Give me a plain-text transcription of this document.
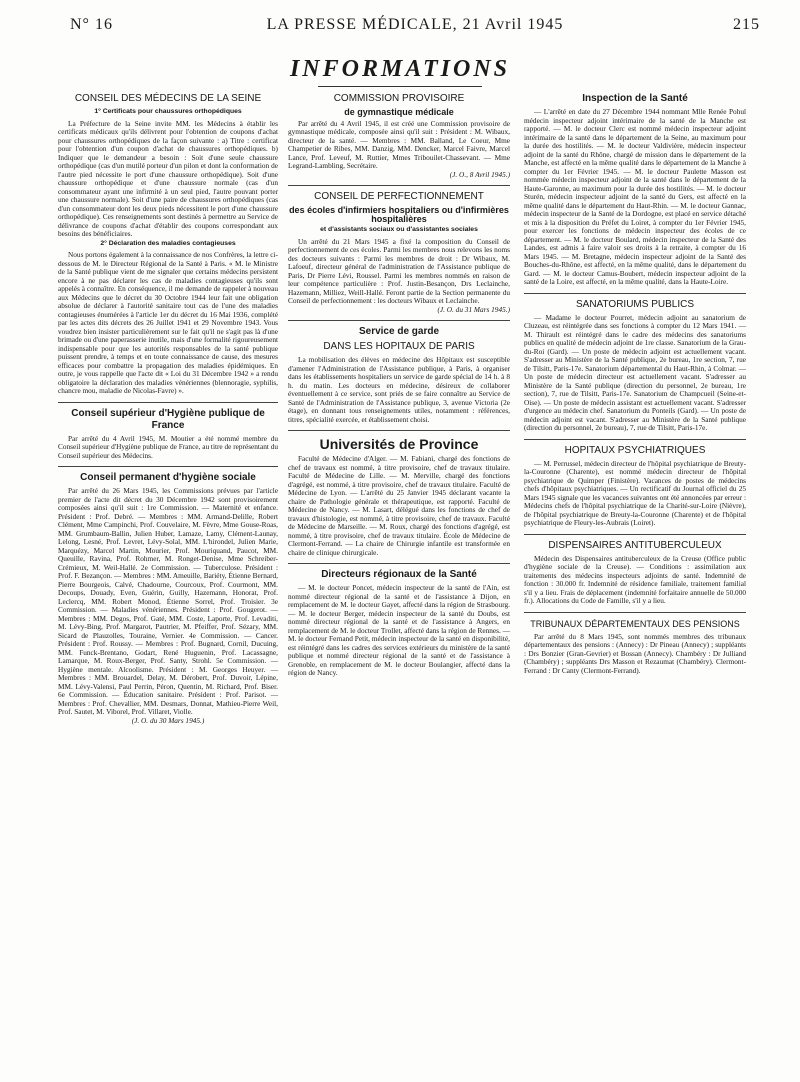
N° 16	LA PRESSE MÉDICALE, 21 Avril 1945	215
INFORMATIONS
CONSEIL DES MÉDECINS DE LA SEINE
1° Certificats pour chaussures orthopédiques

La Préfecture de la Seine invite MM. les Médecins à établir les certificats médicaux qu'ils délivrent pour l'obtention de coupons d'achat pour chaussures orthopédiques de la façon suivante : a) Titre : certificat pour l'obtention d'un coupon d'achat de chaussures orthopédiques. b) Indiquer que le demandeur a besoin : Soit d'une seule chaussure orthopédique (cas d'un mutilé porteur d'un pilon et dont la conformation de l'autre pied nécessite le port d'une chaussure orthopédique). Soit d'une chaussure orthopédique et d'une chaussure normale (cas d'un consommateur ayant une infirmité à un seul pied, l'autre pouvant porter une chaussure normale). Soit d'une paire de chaussures orthopédiques (cas d'un consommateur dont les deux pieds nécessitent le port d'une chaussure orthopédique). Ces renseignements sont destinés à permettre au Service de délivrance de coupons d'achat d'établir des coupons correspondant aux besoins des bénéficiaires.

2° Déclaration des maladies contagieuses

Nous portons également à la connaissance de nos Confrères, la lettre ci-dessous de M. le Directeur Régional de la Santé à Paris. « M. le Ministre de la Santé publique vient de me signaler que certains médecins persistent encore à ne pas déclarer les cas de maladies contagieuses qu'ils sont appelés à connaître. En conséquence, il me demande de rappeler à nouveau aux Médecins que le décret du 30 Octobre 1944 leur fait une obligation absolue de déclarer à l'autorité sanitaire tout cas de l'une des maladies contagieuses énumérées à l'article 1er du décret du 16 Mai 1936, complété par les actes dits décrets des 26 Juillet 1941 et 29 Novembre 1943. Vous voudrez bien insister particulièrement sur le fait qu'il ne s'agit pas là d'une brimade ou d'une paperasserie inutile, mais d'une formalité rigoureusement indispensable pour que les autorités responsables de la santé publique puissent prendre, à temps et en toute connaissance de cause, des mesures efficaces pour combattre la propagation des maladies épidémiques. En outre, je vous rappelle que l'acte dit « Loi du 31 Décembre 1942 » a rendu obligatoire la déclaration des maladies vénériennes (blennoragie, syphilis, chancre mou, maladie de Nicolas-Favre) ».

Conseil supérieur d'Hygiène publique de France

Par arrêté du 4 Avril 1945, M. Moutier a été nommé membre du Conseil supérieur d'Hygiène publique de France, au titre de représentant du Conseil supérieur des Médecins.

Conseil permanent d'hygiène sociale

Par arrêté du 26 Mars 1945, les Commissions prévues par l'article premier de l'acte dit décret du 30 Décembre 1942 sont provisoirement composées ainsi qu'il suit : 1re Commission. — Maternité et enfance. Président : Prof. Debré. — Membres : MM. Armand-Delille, Robert Clément, Mme Campinchi, Prof. Couvelaire, M. Fèvre, Mme Gouse-Roas, MM. Grumbaum-Ballin, Julien Huber, Lamaze, Lamy, Clément-Launay, Lelong, Lesné, Prof. Levret, Lévy-Solal, MM. L'hirondel, Julien Marie, Marquézy, Marcel Martin, Mourier, Prof. Mouriquand, Paucot, MM. Queuille, Ravina, Prof. Rohmer, M. Ronget-Denise, Mme Schreiber-Crémieux, M. Weil-Hallé. 2e Commission. — Tuberculose. Président : Prof. F. Bezançon. — Membres : MM. Ameuille, Bariéty, Étienne Bernard, Pierre Bourgeois, Calvé, Chadourne, Courcoux, Prof. Courmont, MM. Decoups, Douady, Even, Guérin, Guilly, Hazemann, Honorat, Prof. Leclercq, MM. Robert Monod, Étienne Sorrel, Prof. Troisier. 3e Commission. — Maladies vénériennes. Président : Prof. Gougerot. — Membres : MM. Degos, Prof. Gaté, MM. Coste, Laporte, Prof. Levaditi, M. Lévy-Bing, Prof. Margarot, Pautrier, M. Pfeiffer, Prof. Sézary, MM. Sicard de Plauzolles, Touraine, Vernier. 4e Commission. — Cancer. Président : Prof. Roussy. — Membres : Prof. Bugnard, Cornil, Ducuing, MM. Funck-Brentano, Godart, René Huguenin, Prof. Lacassagne, Lamarque, M. Roux-Berger, Prof. Santy, Strohl. 5e Commission. — Hygiène mentale. Alcoolisme. Président : M. Georges Heuyer. — Membres : MM. Brouardel, Delay, M. Dérobert, Prof. Duvoir, Lépine, MM. Lévy-Valensi, Paul Perrin, Péron, Quentin, M. Richard, Prof. Biser. 6e Commission. — Éducation sanitaire. Président : Prof. Parisot. — Membres : Prof. Chevallier, MM. Desmars, Donnat, Mathieu-Pierre Weil, Prof. Sautet, M. Viborel, Prof. Villaret, Violle.

(J. O. du 30 Mars 1945.)
COMMISSION PROVISOIRE
de gymnastique médicale

Par arrêté du 4 Avril 1945, il est créé une Commission provisoire de gymnastique médicale, composée ainsi qu'il suit : Président : M. Wibaux, directeur de la santé. — Membres : MM. Balland, Le Coeur, Mme Champetier de Ribes, MM. Danzig, MM. Dencker, Marcel Faivre, Marcel Lance, Prof. Leveuf, M. Ruttier, Mmes Tribouilet-Chassevant. — Mme Legrand-Lambling, Secrétaire.

(J. O., 8 Avril 1945.)
CONSEIL DE PERFECTIONNEMENT
des écoles d'infirmiers hospitaliers ou d'infirmières hospitalières
et d'assistants sociaux ou d'assistantes sociales

Un arrêté du 21 Mars 1945 a fixé la composition du Conseil de perfectionnement de ces écoles. Parmi les membres nous relevons les noms des docteurs suivants : Parmi les membres de droit : Dr Wibaux, M. Lafoeuf, directeur général de l'administration de l'Assistance publique de Paris, Dr Pierre Lévi, Roussel. Parmi les membres nommés en raison de leur compétence particulière : Prof. Justin-Besançon, Drs Leclainche, Hazemann, Milliez, Weill-Hallé. Feront partie de la Section permanente du Conseil de perfectionnement : les docteurs Wibaux et Leclainche.

(J. O. du 31 Mars 1945.)
Service de garde
DANS LES HOPITAUX DE PARIS

La mobilisation des élèves en médecine des Hôpitaux est susceptible d'amener l'Administration de l'Assistance publique, à Paris, à organiser dans les établissements hospitaliers un service de garde spécial de 14 h. à 8 h. du matin. Les docteurs en médecine, désireux de collaborer éventuellement à ce service, sont priés de se faire connaître au Service de Santé de l'Administration de l'Assistance publique, 3, avenue Victoria (2e étage), en donnant tous renseignements utiles, notamment : références, titres, spécialité exercée, et établissement choisi.

Universités de Province

Faculté de Médecine d'Alger. — M. Fabiani, chargé des fonctions de chef de travaux est nommé, à titre provisoire, chef de travaux titulaire. Faculté de Médecine de Lille. — M. Merville, chargé des fonctions d'agrégé, est nommé, à titre provisoire, chef de travaux titulaire. Faculté de Médecine de Lyon. — L'arrêté du 25 Janvier 1945 déclarant vacante la chaire de Pathologie générale et thérapeutique, est rapporté. Faculté de Médecine de Nancy. — M. Lasart, délégué dans les fonctions de chef de travaux d'histologie, est nommé, à titre provisoire, chef de travaux. Faculté de Médecine de Marseille. — M. Roux, chargé des fonctions d'agrégé, est nommé, à titre provisoire, chef de travaux titulaire. École de Médecine de Clermont-Ferrand. — La chaire de Chirurgie infantile est transformée en chaire de clinique chirurgicale.

Directeurs régionaux de la Santé

— M. le docteur Poncet, médecin inspecteur de la santé de l'Ain, est nommé directeur régional de la santé et de l'assistance à Dijon, en remplacement de M. le docteur Gayet, affecté dans la région de Strasbourg. — M. le docteur Berger, médecin inspecteur de la santé du Doubs, est nommé directeur régional de la santé et de l'assistance à Angers, en remplacement de M. le docteur Trollet, affecté dans la région de Rennes. — M. le docteur Fernand Petit, médecin inspecteur de la santé en disponibilité, est réintégré dans les cadres des services extérieurs du ministère de la santé publique et nommé directeur régional de la santé et de l'assistance à Grenoble, en remplacement de M. le docteur Boulangier, affecté dans la région de Nancy.

Inspection de la Santé

— L'arrêté en date du 27 Décembre 1944 nommant Mlle Renée Pohul médecin inspecteur adjoint intérimaire de la santé de la Manche est rapporté. — M. le docteur Clerc est nommé médecin inspecteur adjoint intérimaire de la santé dans le département de la Seine, au maximum pour la durée des hostilités. — M. le docteur Valdivière, médecin inspecteur adjoint de la santé du Rhône, chargé de mission dans le département de la Manche, est affecté en la même qualité dans le département de la Manche à compter du 1er Février 1945. — M. le docteur Paulette Masson est nommée médecin inspecteur adjoint de la santé dans le département de la Haute-Garonne, au maximum pour la durée des hostilités. — M. le docteur Sturén, médecin inspecteur adjoint de la santé du Gers, est affecté en la même qualité dans le département du Haut-Rhin. — M. le docteur Gannac, médecin inspecteur de la Santé de la Dordogne, est placé en service détaché et mis à la disposition du Préfet du Loiret, à compter du 1er Février 1945, pour exercer les fonctions de médecin inspecteur des écoles de ce département. — M. le docteur Boulard, médecin inspecteur de la Santé des Landes, est admis à faire valoir ses droits à la retraite, à compter du 16 Mars 1945. — M. Bretagne, médecin inspecteur adjoint de la Santé des Bouches-du-Rhône, est affecté, en la même qualité, dans le département du Gard. — M. le docteur Camus-Boubert, médecin inspecteur adjoint de la santé de la Loire, est affecté, en la même qualité, dans la Haute-Loire.

SANATORIUMS PUBLICS

— Madame le docteur Pourret, médecin adjoint au sanatorium de Cluzeau, est réintégrée dans ses fonctions à compter du 12 Mars 1941. — M. Thirault est réintégré dans le cadre des médecins des sanatoriums publics en qualité de médecin adjoint de 1re classe. Sanatorium de la Grau-du-Roi (Gard). — Un poste de médecin adjoint est actuellement vacant. S'adresser au Ministère de la Santé publique, 2e bureau, 1re section, 7, rue de Tilsitt, Paris-17e. Sanatorium départemental du Haut-Rhin, à Colmar. — Un poste de médecin directeur est actuellement vacant. S'adresser au Ministère de la Santé publique (direction du personnel, 2e bureau, 1re section), 7, rue de Tilsitt, Paris-17e. Sanatorium de Champcueil (Seine-et-Oise). — Un poste de médecin assistant est actuellement vacant. S'adresser d'urgence au médecin chef. Sanatorium du Ponteils (Gard). — Un poste de médecin adjoint est vacant. S'adresser au Ministère de la Santé publique (direction du personnel, 2e bureau), 7, rue de Tilsitt, Paris-17e.

HOPITAUX PSYCHIATRIQUES

— M. Perrussel, médecin directeur de l'hôpital psychiatrique de Breuty-la-Couronne (Charente), est nommé médecin directeur de l'hôpital psychiatrique de Quimper (Finistère). Vacances de postes de médecins chefs d'hôpitaux psychiatriques. — Un rectificatif du Journal officiel du 25 Mars 1945 signale que les vacances suivantes ont été annoncées par erreur : Médecins chefs de l'hôpital psychiatrique de la Charité-sur-Loire (Nièvre), de l'hôpital psychiatrique de Breuty-la-Couronne (Charente) et de l'hôpital psychiatrique de Fleury-les-Aubrais (Loiret).

DISPENSAIRES ANTITUBERCULEUX

Médecin des Dispensaires antituberculeux de la Creuse (Office public d'hygiène sociale de la Creuse). — Conditions : assimilation aux traitements des médecins inspecteurs adjoints de santé. Indemnité de fonction : 30.000 fr. Indemnité de résidence familiale, traitement familial s'il y a lieu. Frais de déplacement (indemnité forfaitaire annuelle de 50.000 fr.). Allocations du Code de Famille, s'il y a lieu.

TRIBUNAUX DÉPARTEMENTAUX DES PENSIONS

Par arrêté du 8 Mars 1945, sont nommés membres des tribunaux départementaux des pensions : (Annecy) : Dr Pineau (Annecy) ; suppléants : Drs Bonzier (Gran-Gevrier) et Bossan (Annecy). Chambéry : Dr Julliand (Chambéry) ; suppléants Drs Masson et Rezaumat (Chambéry). Clermont-Ferrand : Dr Canty (Clermont-Ferrand).
